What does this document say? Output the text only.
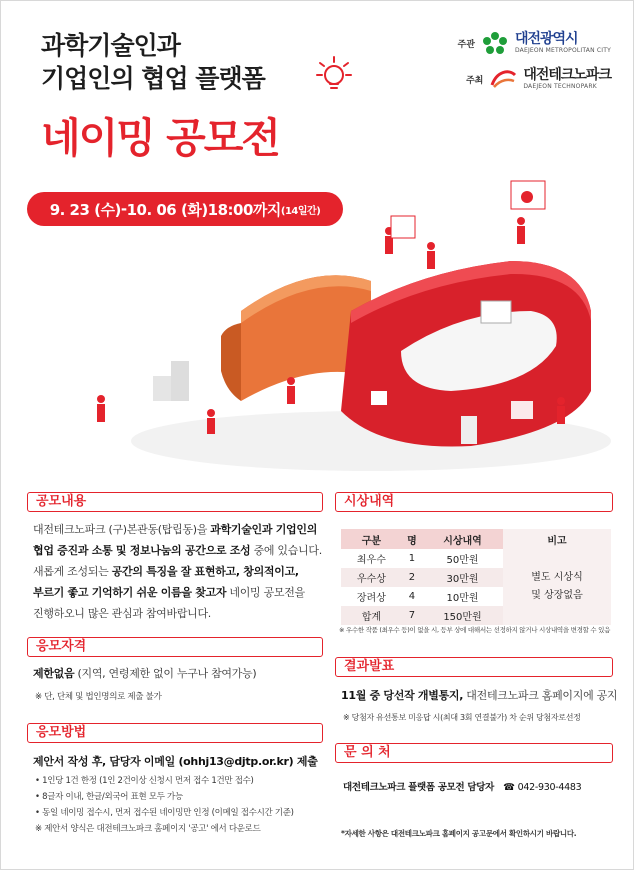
과학기술인과
기업인의 협업 플랫폼
네이밍 공모전
주관	대전광역시
DAEJEON METROPOLITAN CITY
주최	대전테크노파크
DAEJEON TECHNOPARK
9. 23 (수) - 10. 06 (화) 18:00까지 (14일간)
공모내용
대전테크노파크 (구)본관동(탑립동)을 과학기술인과 기업인의
협업 증진과 소통 및 정보나눔의 공간으로 조성 중에 있습니다.
새롭게 조성되는 공간의 특징을 잘 표현하고, 창의적이고,
부르기 좋고 기억하기 쉬운 이름을 찾고자 네이밍 공모전을
진행하오니 많은 관심과 참여바랍니다.
응모자격
제한없음 (지역, 연령제한 없이 누구나 참여가능)
※ 단, 단체 및 법인명의로 제출 불가
응모방법
제안서 작성 후, 담당자 이메일 (ohhj13@djtp.or.kr) 제출
• 1인당 1건 한정 (1인 2건이상 신청시 먼저 접수 1건만 접수)
• 8글자 이내, 한글/외국어 표현 모두 가능
• 동일 네이밍 접수시, 먼저 접수된 네이밍만 인정 (이메일 접수시간 기준)
※ 제안서 양식은 대전테크노파크 홈페이지 '공고' 에서 다운로드
시상내역
구분	명	시상내역	비고
최우수	1	50만원	별도 시상식
및 상장없음

우수상	2	30만원	
장려상	4	10만원	
합계	7	150만원	
※ 우수한 작품 (최우수 등)이 없을 시, 등부 상에 대해서는 선정하지 않거나 시상내역을 변경할 수 있음
결과발표
11월 중 당선작 개별통지, 대전테크노파크 홈페이지에 공지
※ 당첨자 유선통보 미응답 시(최대 3회 연결불가) 차 순위 당첨자로선정
문 의 처
대전테크노파크 플랫폼 공모전 담당자 ☎ 042-930-4483
*자세한 사항은 대전테크노파크 홈페이지 공고문에서 확인하시기 바랍니다.
